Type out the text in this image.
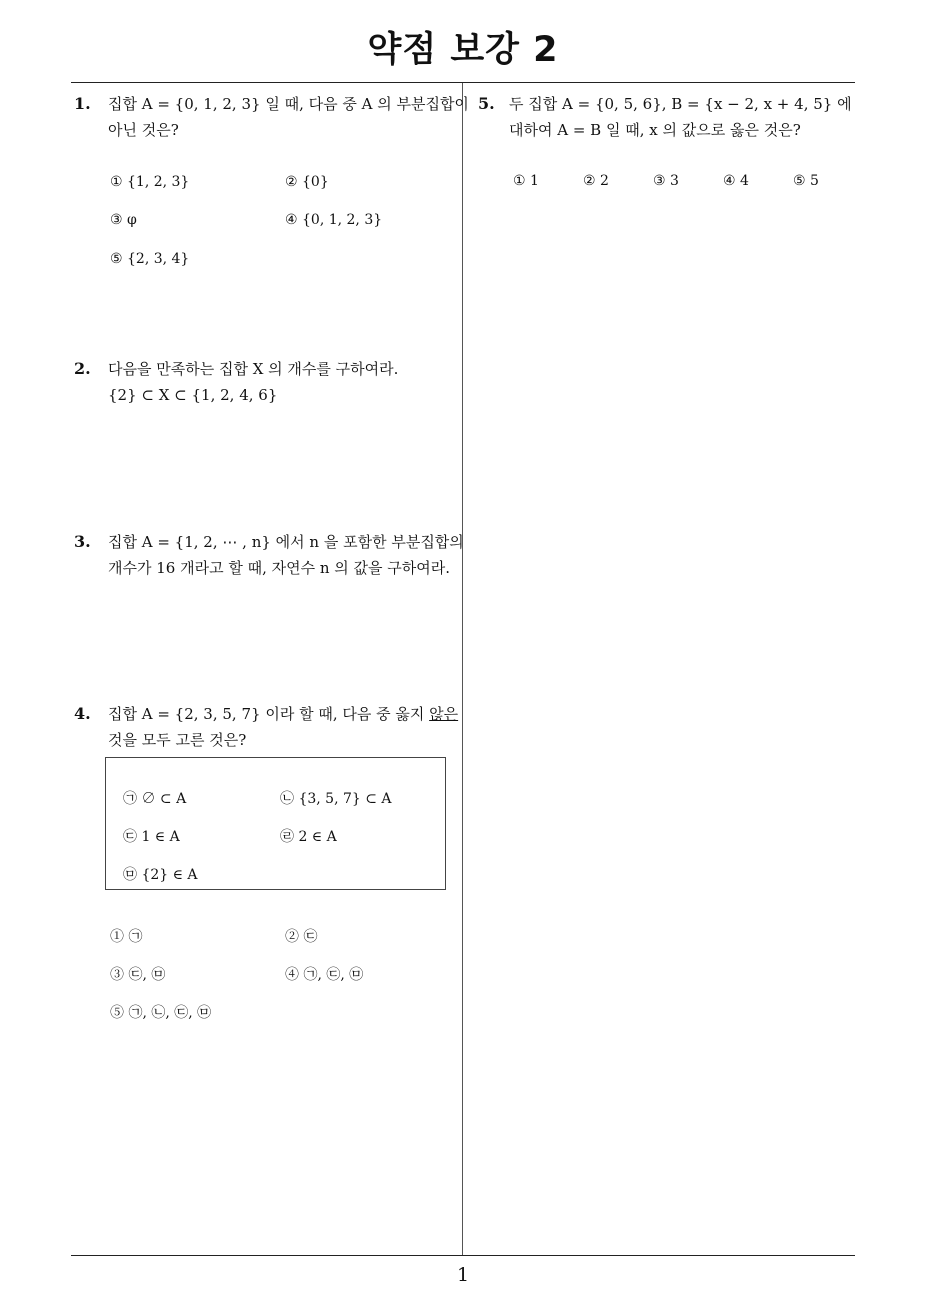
약점 보강 2
1
1. 집합 A = {0, 1, 2, 3} 일 때, 다음 중 A 의 부분집합이
아닌 것은?
① {1, 2, 3}	② {0}
③ φ	④ {0, 1, 2, 3}
⑤ {2, 3, 4}
2. 다음을 만족하는 집합 X 의 개수를 구하여라.
{2} ⊂ X ⊂ {1, 2, 4, 6}
3. 집합 A = {1, 2, ⋯ , n} 에서 n 을 포함한 부분집합의
개수가 16 개라고 할 때, 자연수 n 의 값을 구하여라.
4. 집합 A = {2, 3, 5, 7} 이라 할 때, 다음 중 옳지 않은
것을 모두 고른 것은?
㉠ ∅ ⊂ A	㉡ {3, 5, 7} ⊂ A
㉢ 1 ∈ A	㉣ 2 ∈ A
㉤ {2} ∈ A
① ㉠	② ㉢
③ ㉢, ㉤	④ ㉠, ㉢, ㉤
⑤ ㉠, ㉡, ㉢, ㉤
5. 두 집합 A = {0, 5, 6}, B = {x − 2, x + 4, 5} 에
대하여 A = B 일 때, x 의 값으로 옳은 것은?
① 1	② 2	③ 3	④ 4	⑤ 5
